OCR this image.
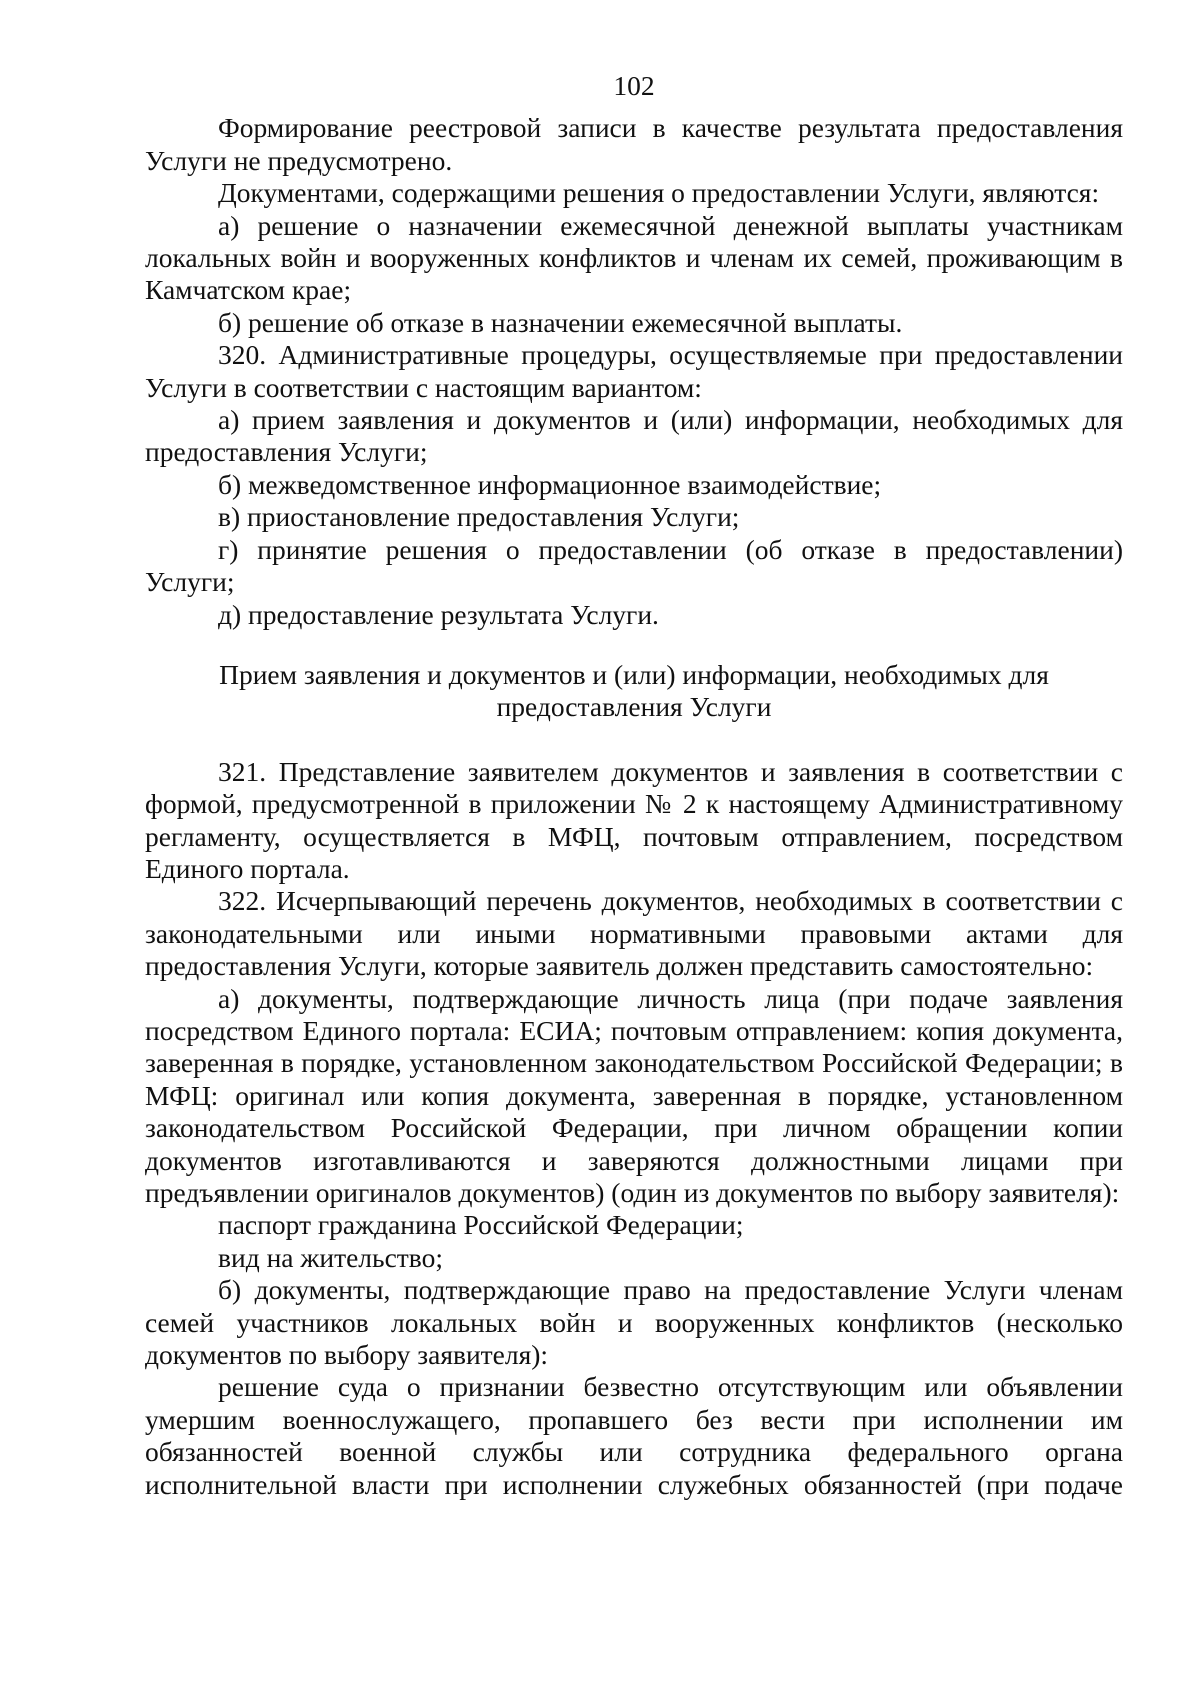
102

Формирование реестровой записи в качестве результата предоставления Услуги не предусмотрено.

Документами, содержащими решения о предоставлении Услуги, являются:

а) решение о назначении ежемесячной денежной выплаты участникам локальных войн и вооруженных конфликтов и членам их семей, проживающим в Камчатском крае;

б) решение об отказе в назначении ежемесячной выплаты.

320. Административные процедуры, осуществляемые при предоставлении Услуги в соответствии с настоящим вариантом:

а) прием заявления и документов и (или) информации, необходимых для предоставления Услуги;

б) межведомственное информационное взаимодействие;

в) приостановление предоставления Услуги;

г) принятие решения о предоставлении (об отказе в предоставлении) Услуги;

д) предоставление результата Услуги.

Прием заявления и документов и (или) информации, необходимых для
предоставления Услуги

321. Представление заявителем документов и заявления в соответствии с формой, предусмотренной в приложении № 2 к настоящему Административному регламенту, осуществляется в МФЦ, почтовым отправлением, посредством Единого портала.

322. Исчерпывающий перечень документов, необходимых в соответствии с законодательными или иными нормативными правовыми актами для предоставления Услуги, которые заявитель должен представить самостоятельно:

а) документы, подтверждающие личность лица (при подаче заявления посредством Единого портала: ЕСИА; почтовым отправлением: копия документа, заверенная в порядке, установленном законодательством Российской Федерации; в МФЦ: оригинал или копия документа, заверенная в порядке, установленном законодательством Российской Федерации, при личном обращении копии документов изготавливаются и заверяются должностными лицами при предъявлении оригиналов документов) (один из документов по выбору заявителя):

паспорт гражданина Российской Федерации;

вид на жительство;

б) документы, подтверждающие право на предоставление Услуги членам семей участников локальных войн и вооруженных конфликтов (несколько документов по выбору заявителя):

решение суда о признании безвестно отсутствующим или объявлении умершим военнослужащего, пропавшего без вести при исполнении им обязанностей военной службы или сотрудника федерального органа исполнительной власти при исполнении служебных обязанностей (при подаче
